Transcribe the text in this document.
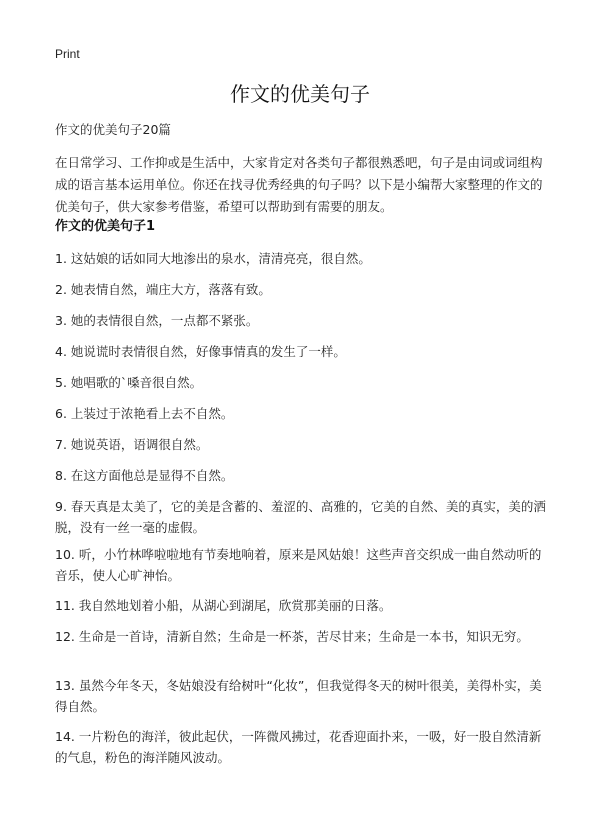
Print
作文的优美句子
作文的优美句子20篇

在日常学习、工作抑或是生活中，大家肯定对各类句子都很熟悉吧，句子是由词或词组构成的语言基本运用单位。你还在找寻优秀经典的句子吗？以下是小编帮大家整理的作文的优美句子，供大家参考借鉴，希望可以帮助到有需要的朋友。

作文的优美句子1

1. 这姑娘的话如同大地渗出的泉水，清清亮亮，很自然。

2. 她表情自然，端庄大方，落落有致。

3. 她的表情很自然，一点都不紧张。

4. 她说谎时表情很自然，好像事情真的发生了一样。

5. 她唱歌的`嗓音很自然。

6. 上装过于浓艳看上去不自然。

7. 她说英语，语调很自然。

8. 在这方面他总是显得不自然。

9. 春天真是太美了，它的美是含蓄的、羞涩的、高雅的，它美的自然、美的真实，美的洒脱，没有一丝一毫的虚假。

10. 听，小竹林哗啦啦地有节奏地响着，原来是风姑娘！这些声音交织成一曲自然动听的音乐，使人心旷神怡。

11. 我自然地划着小船，从湖心到湖尾，欣赏那美丽的日落。

12. 生命是一首诗，清新自然；生命是一杯茶，苦尽甘来；生命是一本书，知识无穷。

13. 虽然今年冬天，冬姑娘没有给树叶“化妆”，但我觉得冬天的树叶很美，美得朴实，美得自然。

14. 一片粉色的海洋，彼此起伏，一阵微风拂过，花香迎面扑来，一吸，好一股自然清新的气息，粉色的海洋随风波动。
